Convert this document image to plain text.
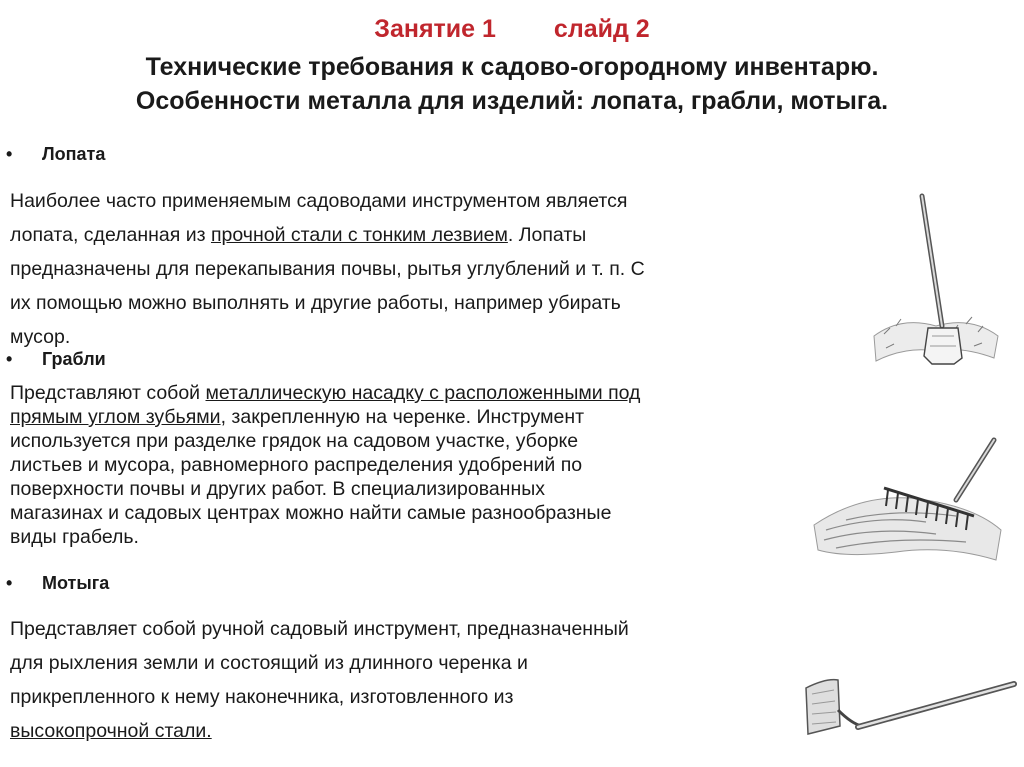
Занятие 1 слайд 2
Технические требования к садово-огородному инвентарю.
Особенности металла для изделий: лопата, грабли, мотыга.
• Лопата
Наиболее часто применяемым садоводами инструментом является
лопата, сделанная из прочной стали с тонким лезвием. Лопаты
предназначены для перекапывания почвы, рытья углублений и т. п. С
их помощью можно выполнять и другие работы, например убирать
мусор.
• Грабли
Представляют собой металлическую насадку с расположенными под
прямым углом зубьями, закрепленную на черенке. Инструмент
используется при разделке грядок на садовом участке, уборке
листьев и мусора, равномерного распределения удобрений по
поверхности почвы и других работ. В специализированных
магазинах и садовых центрах можно найти самые разнообразные
виды грабель.
• Мотыга
Представляет собой ручной садовый инструмент, предназначенный
для рыхления земли и состоящий из длинного черенка и
прикрепленного к нему наконечника, изготовленного из
высокопрочной стали.
